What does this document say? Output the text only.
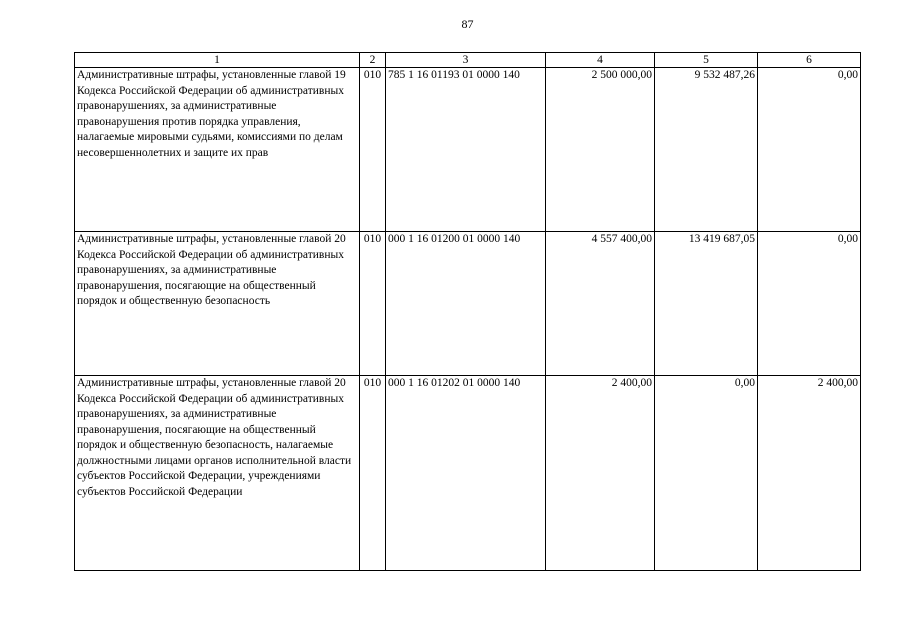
87
1	2	3	4	5	6
Административные штрафы, установленные главой 19 Кодекса Российской Федерации об административных правонарушениях, за административные правонарушения против порядка управления, налагаемые мировыми судьями, комиссиями по делам несовершеннолетних и защите их прав	010	785 1 16 01193 01 0000 140	2 500 000,00	9 532 487,26	0,00
Административные штрафы, установленные главой 20 Кодекса Российской Федерации об административных правонарушениях, за административные правонарушения, посягающие на общественный порядок и общественную безопасность	010	000 1 16 01200 01 0000 140	4 557 400,00	13 419 687,05	0,00
Административные штрафы, установленные главой 20 Кодекса Российской Федерации об административных правонарушениях, за административные правонарушения, посягающие на общественный порядок и общественную безопасность, налагаемые должностными лицами органов исполнительной власти субъектов Российской Федерации, учреждениями субъектов Российской Федерации	010	000 1 16 01202 01 0000 140	2 400,00	0,00	2 400,00
